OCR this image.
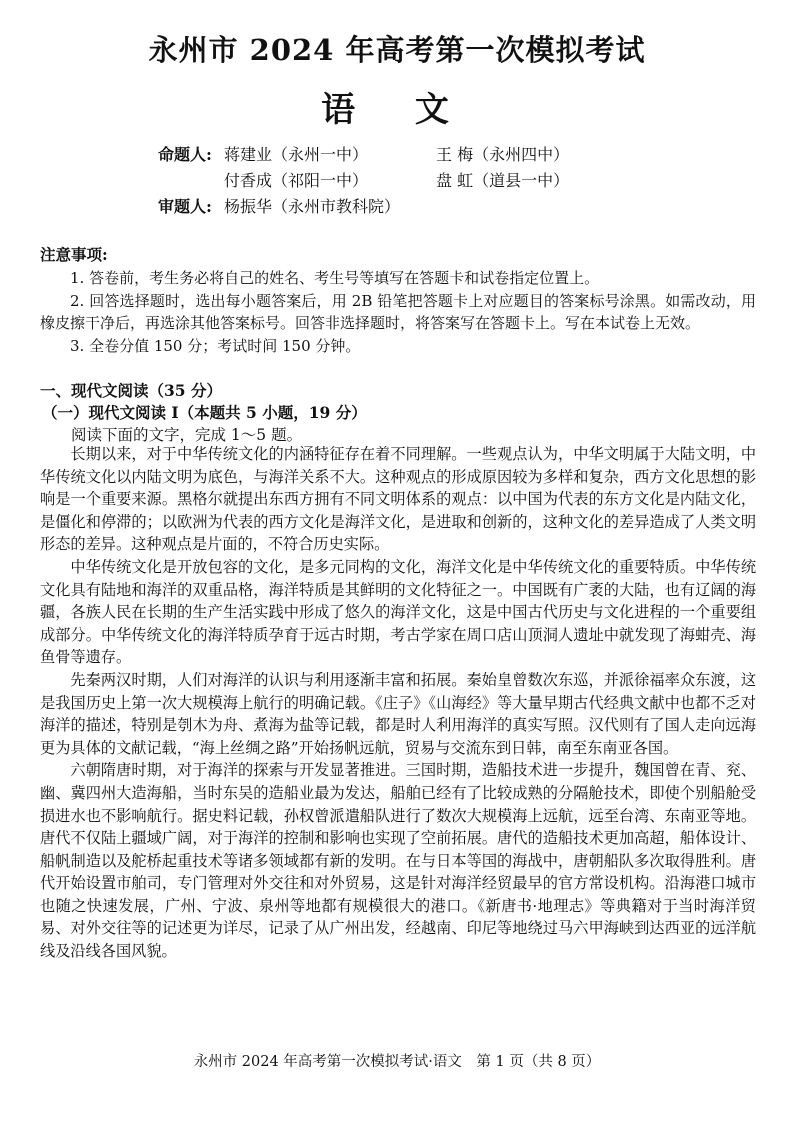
永州市 2024 年高考第一次模拟考试
语 文
命题人: 蒋建业（永州一中）	王 梅（永州四中）
付香成（祁阳一中）	盘 虹（道县一中）
审题人: 杨振华（永州市教科院）
注意事项:

1. 答卷前，考生务必将自己的姓名、考生号等填写在答题卡和试卷指定位置上。

2. 回答选择题时，选出每小题答案后，用 2B 铅笔把答题卡上对应题目的答案标号涂黑。如需改动，用橡皮擦干净后，再选涂其他答案标号。回答非选择题时，将答案写在答题卡上。写在本试卷上无效。

3. 全卷分值 150 分；考试时间 150 分钟。

一、现代文阅读（35 分）
（一）现代文阅读 I（本题共 5 小题，19 分）
阅读下面的文字，完成 1～5 题。

长期以来，对于中华传统文化的内涵特征存在着不同理解。一些观点认为，中华文明属于大陆文明，中华传统文化以内陆文明为底色，与海洋关系不大。这种观点的形成原因较为多样和复杂，西方文化思想的影响是一个重要来源。黑格尔就提出东西方拥有不同文明体系的观点：以中国为代表的东方文化是内陆文化，是僵化和停滞的；以欧洲为代表的西方文化是海洋文化，是进取和创新的，这种文化的差异造成了人类文明形态的差异。这种观点是片面的，不符合历史实际。

中华传统文化是开放包容的文化，是多元同构的文化，海洋文化是中华传统文化的重要特质。中华传统文化具有陆地和海洋的双重品格，海洋特质是其鲜明的文化特征之一。中国既有广袤的大陆，也有辽阔的海疆，各族人民在长期的生产生活实践中形成了悠久的海洋文化，这是中国古代历史与文化进程的一个重要组成部分。中华传统文化的海洋特质孕育于远古时期，考古学家在周口店山顶洞人遗址中就发现了海蚶壳、海鱼骨等遗存。

先秦两汉时期，人们对海洋的认识与利用逐渐丰富和拓展。秦始皇曾数次东巡，并派徐福率众东渡，这是我国历史上第一次大规模海上航行的明确记载。《庄子》《山海经》等大量早期古代经典文献中也都不乏对海洋的描述，特别是刳木为舟、煮海为盐等记载，都是时人利用海洋的真实写照。汉代则有了国人走向远海更为具体的文献记载，“海上丝绸之路”开始扬帆远航，贸易与交流东到日韩，南至东南亚各国。

六朝隋唐时期，对于海洋的探索与开发显著推进。三国时期，造船技术进一步提升，魏国曾在青、兖、幽、冀四州大造海船，当时东吴的造船业最为发达，船舶已经有了比较成熟的分隔舱技术，即使个别船舱受损进水也不影响航行。据史料记载，孙权曾派遣船队进行了数次大规模海上远航，远至台湾、东南亚等地。唐代不仅陆上疆域广阔，对于海洋的控制和影响也实现了空前拓展。唐代的造船技术更加高超，船体设计、船帆制造以及舵桥起重技术等诸多领域都有新的发明。在与日本等国的海战中，唐朝船队多次取得胜利。唐代开始设置市舶司，专门管理对外交往和对外贸易，这是针对海洋经贸最早的官方常设机构。沿海港口城市也随之快速发展，广州、宁波、泉州等地都有规模很大的港口。《新唐书·地理志》等典籍对于当时海洋贸易、对外交往等的记述更为详尽，记录了从广州出发，经越南、印尼等地绕过马六甲海峡到达西亚的远洋航线及沿线各国风貌。

永州市 2024 年高考第一次模拟考试·语文　第 1 页（共 8 页）
